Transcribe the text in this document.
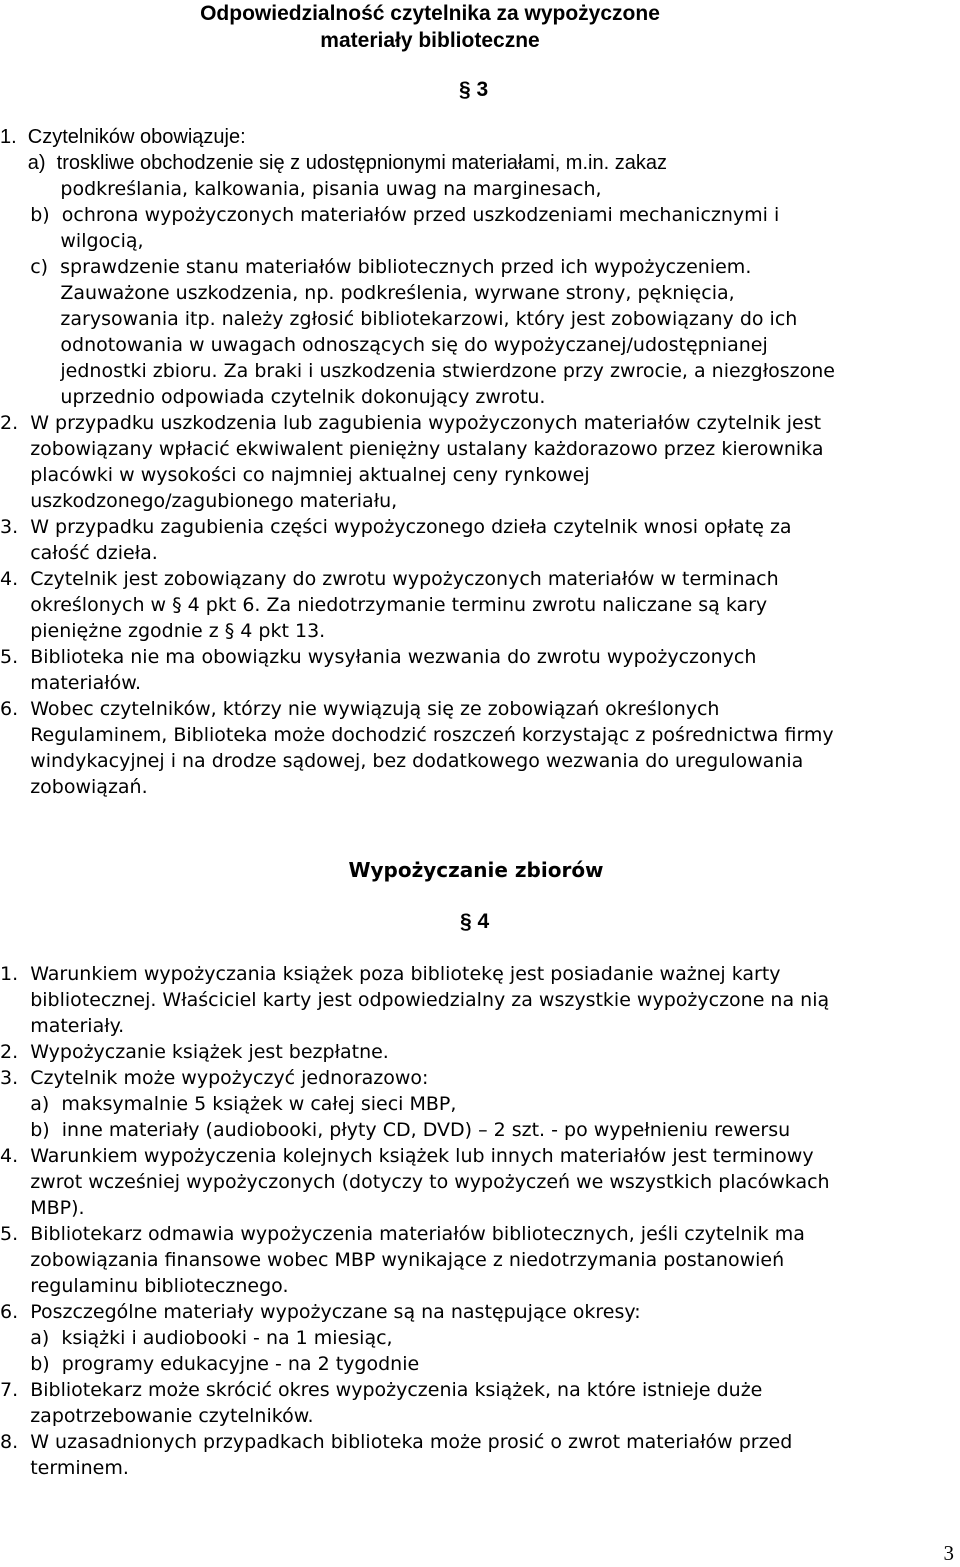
Odpowiedzialność czytelnika za wypożyczone
materiały biblioteczne
§ 3
1.  Czytelników obowiązuje:
a)  troskliwe obchodzenie się z udostępnionymi materiałami, m.in. zakaz
podkreślania, kalkowania, pisania uwag na marginesach,
b)  ochrona wypożyczonych materiałów przed uszkodzeniami mechanicznymi i
wilgocią,
c)  sprawdzenie stanu materiałów bibliotecznych przed ich wypożyczeniem.
Zauważone uszkodzenia, np. podkreślenia, wyrwane strony, pęknięcia,
zarysowania itp. należy zgłosić bibliotekarzowi, który jest zobowiązany do ich
odnotowania w uwagach odnoszących się do wypożyczanej/udostępnianej
jednostki zbioru. Za braki i uszkodzenia stwierdzone przy zwrocie, a niezgłoszone
uprzednio odpowiada czytelnik dokonujący zwrotu.
2.  W przypadku uszkodzenia lub zagubienia wypożyczonych materiałów czytelnik jest
zobowiązany wpłacić ekwiwalent pieniężny ustalany każdorazowo przez kierownika
placówki w wysokości co najmniej aktualnej ceny rynkowej
uszkodzonego/zagubionego materiału,
3.  W przypadku zagubienia części wypożyczonego dzieła czytelnik wnosi opłatę za
całość dzieła.
4.  Czytelnik jest zobowiązany do zwrotu wypożyczonych materiałów w terminach
określonych w § 4 pkt 6. Za niedotrzymanie terminu zwrotu naliczane są kary
pieniężne zgodnie z § 4 pkt 13.
5.  Biblioteka nie ma obowiązku wysyłania wezwania do zwrotu wypożyczonych
materiałów.
6.  Wobec czytelników, którzy nie wywiązują się ze zobowiązań określonych
Regulaminem, Biblioteka może dochodzić roszczeń korzystając z pośrednictwa firmy
windykacyjnej i na drodze sądowej, bez dodatkowego wezwania do uregulowania
zobowiązań.
Wypożyczanie zbiorów
§ 4
1.  Warunkiem wypożyczania książek poza bibliotekę jest posiadanie ważnej karty
bibliotecznej. Właściciel karty jest odpowiedzialny za wszystkie wypożyczone na nią
materiały.
2.  Wypożyczanie książek jest bezpłatne.
3.  Czytelnik może wypożyczyć jednorazowo:
a)  maksymalnie 5 książek w całej sieci MBP,
b)  inne materiały (audiobooki, płyty CD, DVD) – 2 szt. - po wypełnieniu rewersu
4.  Warunkiem wypożyczenia kolejnych książek lub innych materiałów jest terminowy
zwrot wcześniej wypożyczonych (dotyczy to wypożyczeń we wszystkich placówkach
MBP).
5.  Bibliotekarz odmawia wypożyczenia materiałów bibliotecznych, jeśli czytelnik ma
zobowiązania finansowe wobec MBP wynikające z niedotrzymania postanowień
regulaminu bibliotecznego.
6.  Poszczególne materiały wypożyczane są na następujące okresy:
a)  książki i audiobooki - na 1 miesiąc,
b)  programy edukacyjne - na 2 tygodnie
7.  Bibliotekarz może skrócić okres wypożyczenia książek, na które istnieje duże
zapotrzebowanie czytelników.
8.  W uzasadnionych przypadkach biblioteka może prosić o zwrot materiałów przed
terminem.
3
